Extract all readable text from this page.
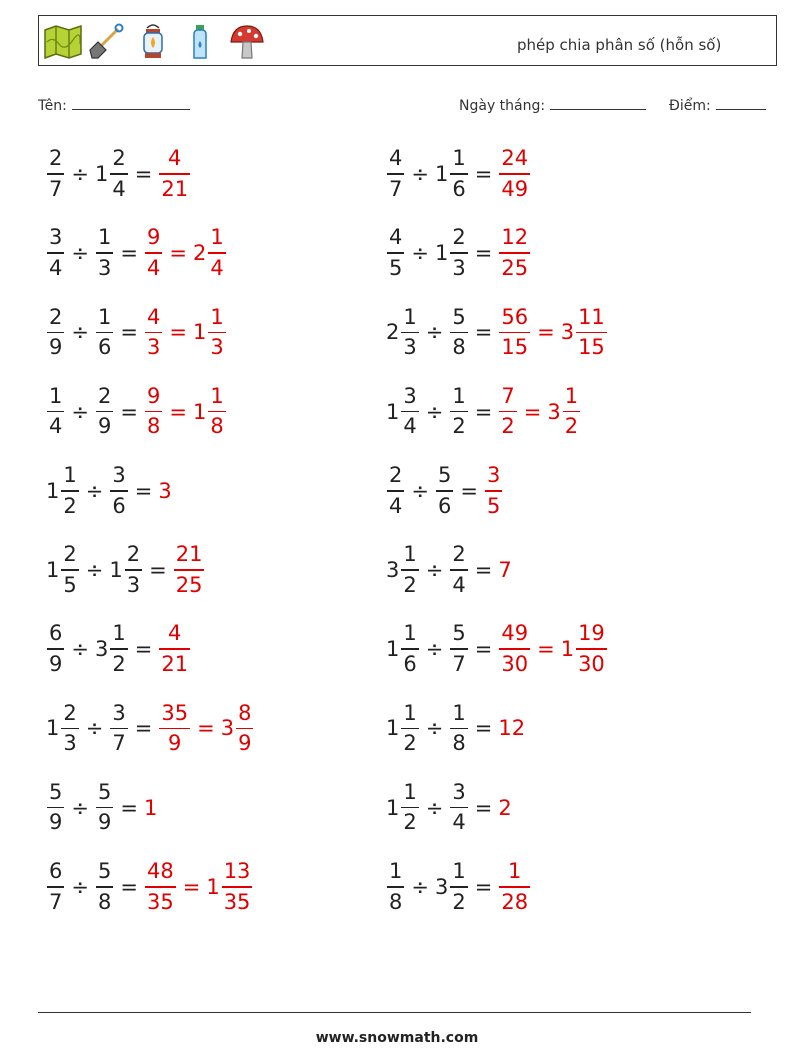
phép chia phân số (hỗn số)
Tên:	Ngày tháng:	Điểm:
$\frac{2}{7} \div 1 \frac{2}{4} = \frac{4}{21}$	$\frac{4}{7} \div 1 \frac{1}{6} = \frac{24}{49}$
$\frac{3}{4} \div \frac{1}{3} = \frac{9}{4} = 2 \frac{1}{4}$	$\frac{4}{5} \div 1 \frac{2}{3} = \frac{12}{25}$
$\frac{2}{9} \div \frac{1}{6} = \frac{4}{3} = 1 \frac{1}{3}$	$2 \frac{1}{3} \div \frac{5}{8} = \frac{56}{15} = 3 \frac{11}{15}$
$\frac{1}{4} \div \frac{2}{9} = \frac{9}{8} = 1 \frac{1}{8}$	$1 \frac{3}{4} \div \frac{1}{2} = \frac{7}{2} = 3 \frac{1}{2}$
$1 \frac{1}{2} \div \frac{3}{6} = 3$	$\frac{2}{4} \div \frac{5}{6} = \frac{3}{5}$
$1 \frac{2}{5} \div 1 \frac{2}{3} = \frac{21}{25}$	$3 \frac{1}{2} \div \frac{2}{4} = 7$
$\frac{6}{9} \div 3 \frac{1}{2} = \frac{4}{21}$	$1 \frac{1}{6} \div \frac{5}{7} = \frac{49}{30} = 1 \frac{19}{30}$
$1 \frac{2}{3} \div \frac{3}{7} = \frac{35}{9} = 3 \frac{8}{9}$	$1 \frac{1}{2} \div \frac{1}{8} = 12$
$\frac{5}{9} \div \frac{5}{9} = 1$	$1 \frac{1}{2} \div \frac{3}{4} = 2$
$\frac{6}{7} \div \frac{5}{8} = \frac{48}{35} = 1 \frac{13}{35}$	$\frac{1}{8} \div 3 \frac{1}{2} = \frac{1}{28}$
www.snowmath.com
